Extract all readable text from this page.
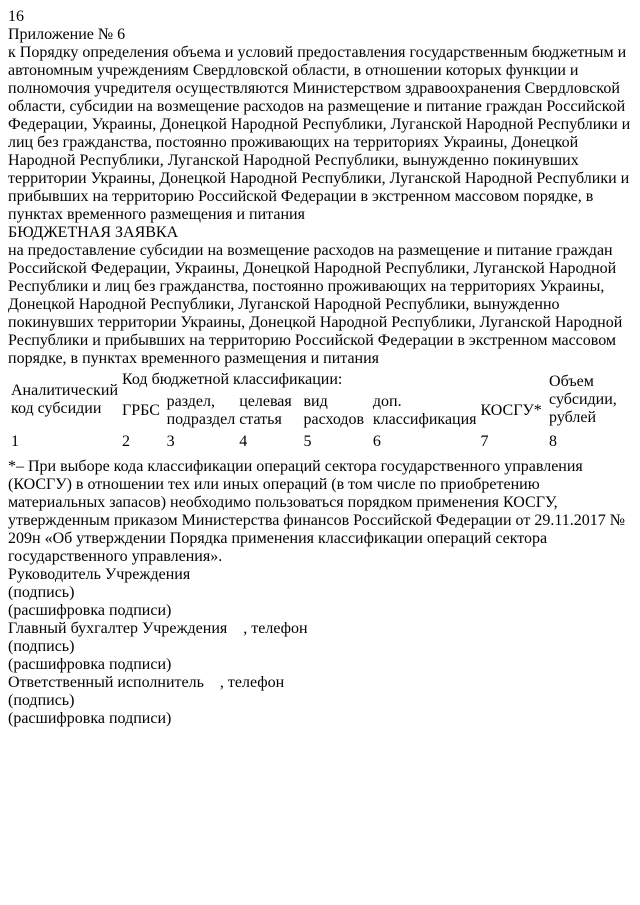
16
Приложение № 6
к Порядку определения объема и условий предоставления государственным бюджетным и автономным учреждениям Свердловской области, в отношении которых функции и полномочия учредителя осуществляются Министерством здравоохранения Свердловской области, субсидии на возмещение расходов на размещение и питание граждан Российской Федерации, Украины, Донецкой Народной Республики, Луганской Народной Республики и лиц без гражданства, постоянно проживающих на территориях Украины, Донецкой Народной Республики, Луганской Народной Республики, вынужденно покинувших территории Украины, Донецкой Народной Республики, Луганской Народной Республики и прибывших на территорию Российской Федерации в экстренном массовом порядке, в пунктах временного размещения и питания
БЮДЖЕТНАЯ ЗАЯВКА
на предоставление субсидии на возмещение расходов на размещение и питание граждан Российской Федерации, Украины, Донецкой Народной Республики, Луганской Народной Республики и лиц без гражданства, постоянно проживающих на территориях Украины, Донецкой Народной Республики, Луганской Народной Республики, вынужденно покинувших территории Украины, Донецкой Народной Республики, Луганской Народной Республики и прибывших на территорию Российской Федерации в экстренном массовом порядке, в пунктах временного размещения и питания
Аналитический код субсидии	Код бюджетной классификации:						Объем субсидии, рублей
	ГРБС	раздел, подраздел	целевая статья	вид расходов	доп. классификация	КОСГУ*	
1	2	3	4	5	6	7	8

*– При выборе кода классификации операций сектора государственного управления (КОСГУ) в отношении тех или иных операций (в том числе по приобретению материальных запасов) необходимо пользоваться порядком применения КОСГУ, утвержденным приказом Министерства финансов Российской Федерации от 29.11.2017 № 209н «Об утверждении Порядка применения классификации операций сектора государственного управления».
Руководитель Учреждения
(подпись)
(расшифровка подписи)
Главный бухгалтер Учреждения , телефон
(подпись)
(расшифровка подписи)
Ответственный исполнитель , телефон
(подпись)
(расшифровка подписи)
